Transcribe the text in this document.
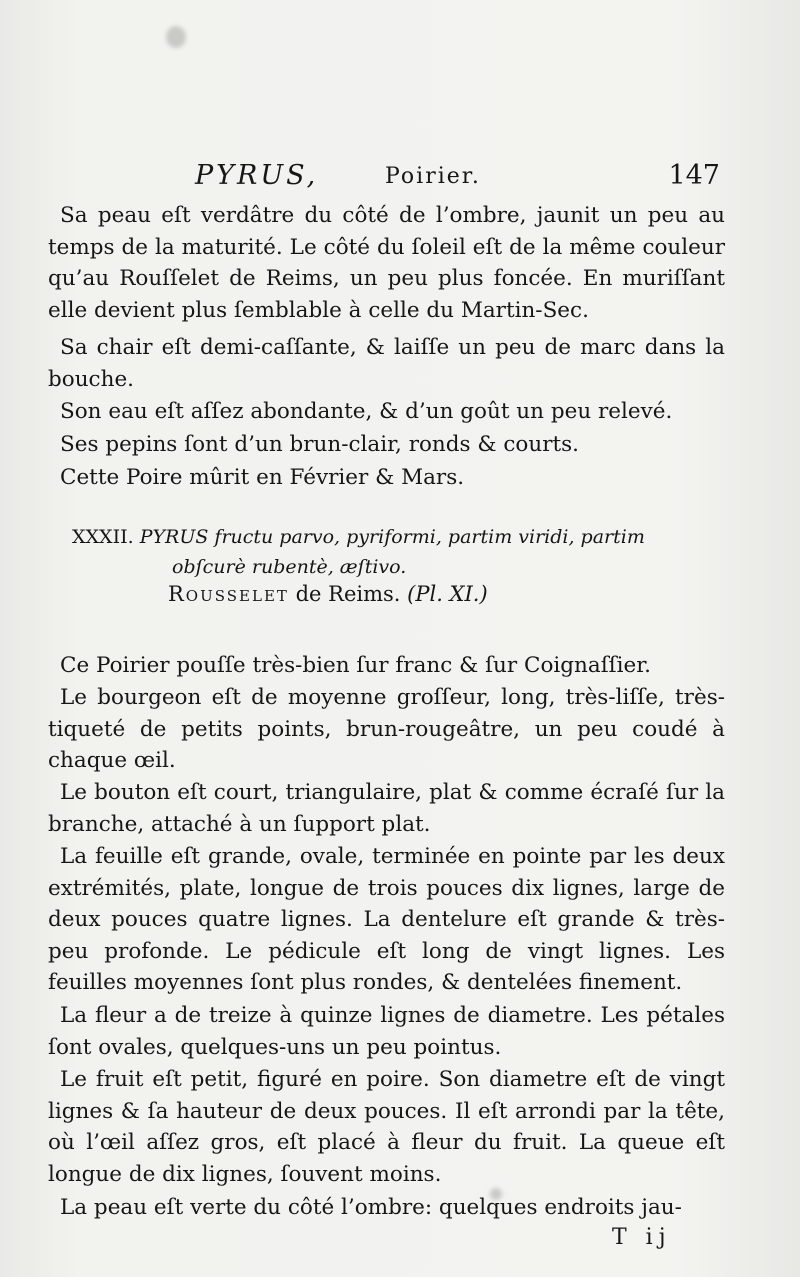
PYRUS,	Poirier.	147

Sa peau eſt verdâtre du côté de l’ombre, jaunit un peu au temps de la maturité. Le côté du ſoleil eſt de la même couleur qu’au Rouſſelet de Reims, un peu plus foncée. En muriſſant elle devient plus ſemblable à celle du Martin-Sec.

Sa chair eſt demi-caſſante, & laiſſe un peu de marc dans la bouche.

Son eau eſt aſſez abondante, & d’un goût un peu relevé.

Ses pepins ſont d’un brun-clair, ronds & courts.

Cette Poire mûrit en Février & Mars.

XXXII. PYRUS fructu parvo, pyriformi, partim viridi, partim
obſcurè rubentè, æſtivo.

Rousselet de Reims. (Pl. XI.)

Ce Poirier pouſſe très-bien ſur franc & ſur Coignaſſier.

Le bourgeon eſt de moyenne groſſeur, long, très-liſſe, très-tiqueté de petits points, brun-rougeâtre, un peu coudé à chaque œil.

Le bouton eſt court, triangulaire, plat & comme écraſé ſur la branche, attaché à un ſupport plat.

La feuille eſt grande, ovale, terminée en pointe par les deux extrémités, plate, longue de trois pouces dix lignes, large de deux pouces quatre lignes. La dentelure eſt grande & très-peu profonde. Le pédicule eſt long de vingt lignes. Les feuilles moyennes ſont plus rondes, & dentelées finement.

La fleur a de treize à quinze lignes de diametre. Les pétales ſont ovales, quelques-uns un peu pointus.

Le fruit eſt petit, figuré en poire. Son diametre eſt de vingt lignes & ſa hauteur de deux pouces. Il eſt arrondi par la tête, où l’œil aſſez gros, eſt placé à fleur du fruit. La queue eſt longue de dix lignes, ſouvent moins.

La peau eſt verte du côté l’ombre: quelques endroits jau-

T ij
